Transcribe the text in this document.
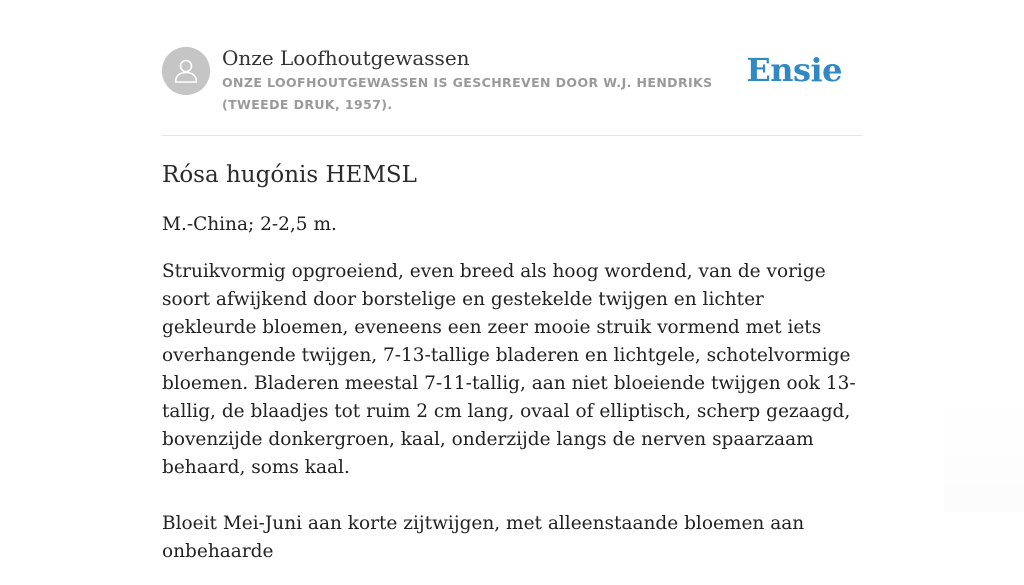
Onze Loofhoutgewassen
ONZE LOOFHOUTGEWASSEN IS GESCHREVEN DOOR W.J. HENDRIKS (TWEEDE DRUK, 1957).
Ensie
Rósa hugónis HEMSL

M.-China; 2-2,5 m.

Struikvormig opgroeiend, even breed als hoog wordend, van de vorige soort afwijkend door borstelige en gestekelde twijgen en lichter gekleurde bloemen, eveneens een zeer mooie struik vormend met iets overhangende twijgen, 7-13-tallige bladeren en lichtgele, schotelvormige bloemen. Bladeren meestal 7-11-tallig, aan niet bloeiende twijgen ook 13-tallig, de blaadjes tot ruim 2 cm lang, ovaal of elliptisch, scherp gezaagd, bovenzijde donkergroen, kaal, onderzijde langs de nerven spaarzaam behaard, soms kaal.

Bloeit Mei-Juni aan korte zijtwijgen, met alleenstaande bloemen aan onbehaarde
